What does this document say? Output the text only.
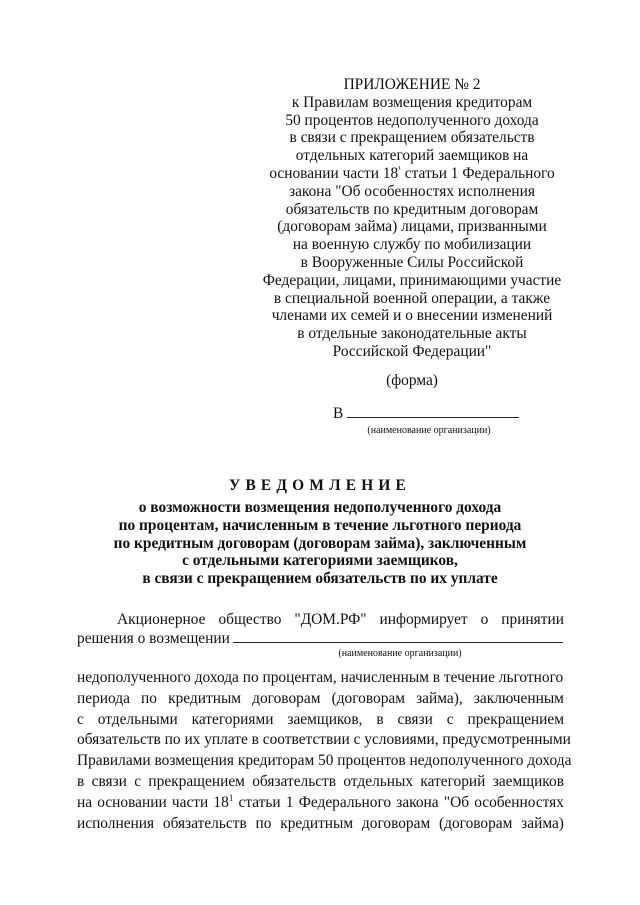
ПРИЛОЖЕНИЕ № 2
к Правилам возмещения кредиторам
50 процентов недополученного дохода
в связи с прекращением обязательств
отдельных категорий заемщиков на
основании части $18^{^1}$ статьи 1 Федерального
закона "Об особенностях исполнения
обязательств по кредитным договорам
(договорам займа) лицами, призванными
на военную службу по мобилизации
в Вооруженные Силы Российской
Федерации, лицами, принимающими участие
в специальной военной операции, а также
членами их семей и о внесении изменений
в отдельные законодательные акты
Российской Федерации"
(форма)
В
(наименование организации)
УВЕДОМЛЕНИЕ
о возможности возмещения недополученного дохода
по процентам, начисленным в течение льготного периода
по кредитным договорам (договорам займа), заключенным
с отдельными категориями заемщиков,
в связи с прекращением обязательств по их уплате
Акционерное общество "ДОМ.РФ" информирует о принятии
решения о возмещении
(наименование организации)
недополученного дохода по процентам, начисленным в течение льготного
периода по кредитным договорам (договорам займа), заключенным
с отдельными категориями заемщиков, в связи с прекращением
обязательств по их уплате в соответствии с условиями, предусмотренными
Правилами возмещения кредиторам 50 процентов недополученного дохода
в связи с прекращением обязательств отдельных категорий заемщиков
на основании части $18^1$ статьи 1 Федерального закона "Об особенностях
исполнения обязательств по кредитным договорам (договорам займа)
